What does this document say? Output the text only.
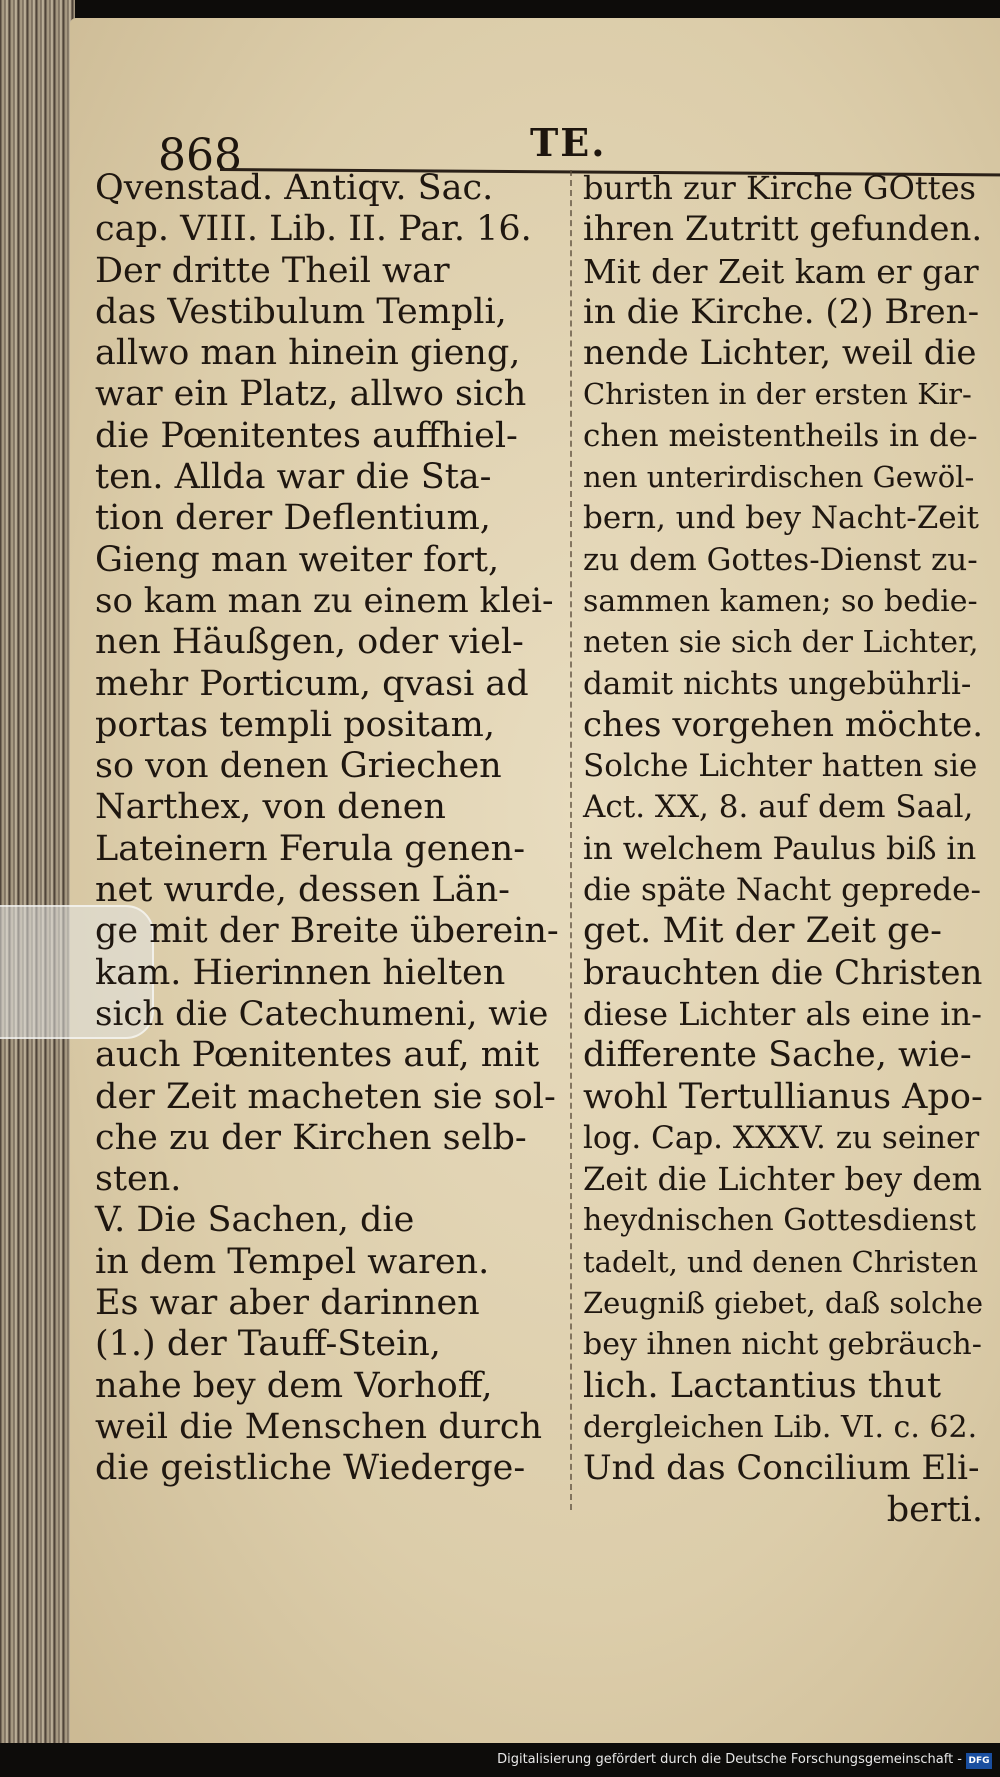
868	TE.
Qvenstad. Antiqv. Sac.
cap. VIII. Lib. II. Par. 16.
Der dritte Theil war
das Vestibulum Templi,
allwo man hinein gieng,
war ein Platz, allwo sich
die Pœnitentes auffhiel-
ten. Allda war die Sta-
tion derer Deflentium,
Gieng man weiter fort,
so kam man zu einem klei-
nen Häußgen, oder viel-
mehr Porticum, qvasi ad
portas templi positam,
so von denen Griechen
Narthex, von denen
Lateinern Ferula genen-
net wurde, dessen Län-
ge mit der Breite überein-
kam. Hierinnen hielten
sich die Catechumeni, wie
auch Pœnitentes auf, mit
der Zeit macheten sie sol-
che zu der Kirchen selb-
sten.
V. Die Sachen, die
in dem Tempel waren.
Es war aber darinnen
(1.) der Tauff-Stein,
nahe bey dem Vorhoff,
weil die Menschen durch
die geistliche Wiederge-
burth zur Kirche GOttes
ihren Zutritt gefunden.
Mit der Zeit kam er gar
in die Kirche. (2) Bren-
nende Lichter, weil die
Christen in der ersten Kir-
chen meistentheils in de-
nen unterirdischen Gewöl-
bern, und bey Nacht-Zeit
zu dem Gottes-Dienst zu-
sammen kamen; so bedie-
neten sie sich der Lichter,
damit nichts ungebührli-
ches vorgehen möchte.
Solche Lichter hatten sie
Act. XX, 8. auf dem Saal,
in welchem Paulus biß in
die späte Nacht geprede-
get. Mit der Zeit ge-
brauchten die Christen
diese Lichter als eine in-
differente Sache, wie-
wohl Tertullianus Apo-
log. Cap. XXXV. zu seiner
Zeit die Lichter bey dem
heydnischen Gottesdienst
tadelt, und denen Christen
Zeugniß giebet, daß solche
bey ihnen nicht gebräuch-
lich. Lactantius thut
dergleichen Lib. VI. c. 62.
Und das Concilium Eli-
berti.
Digitalisierung gefördert durch die Deutsche Forschungsgemeinschaft - DFG
